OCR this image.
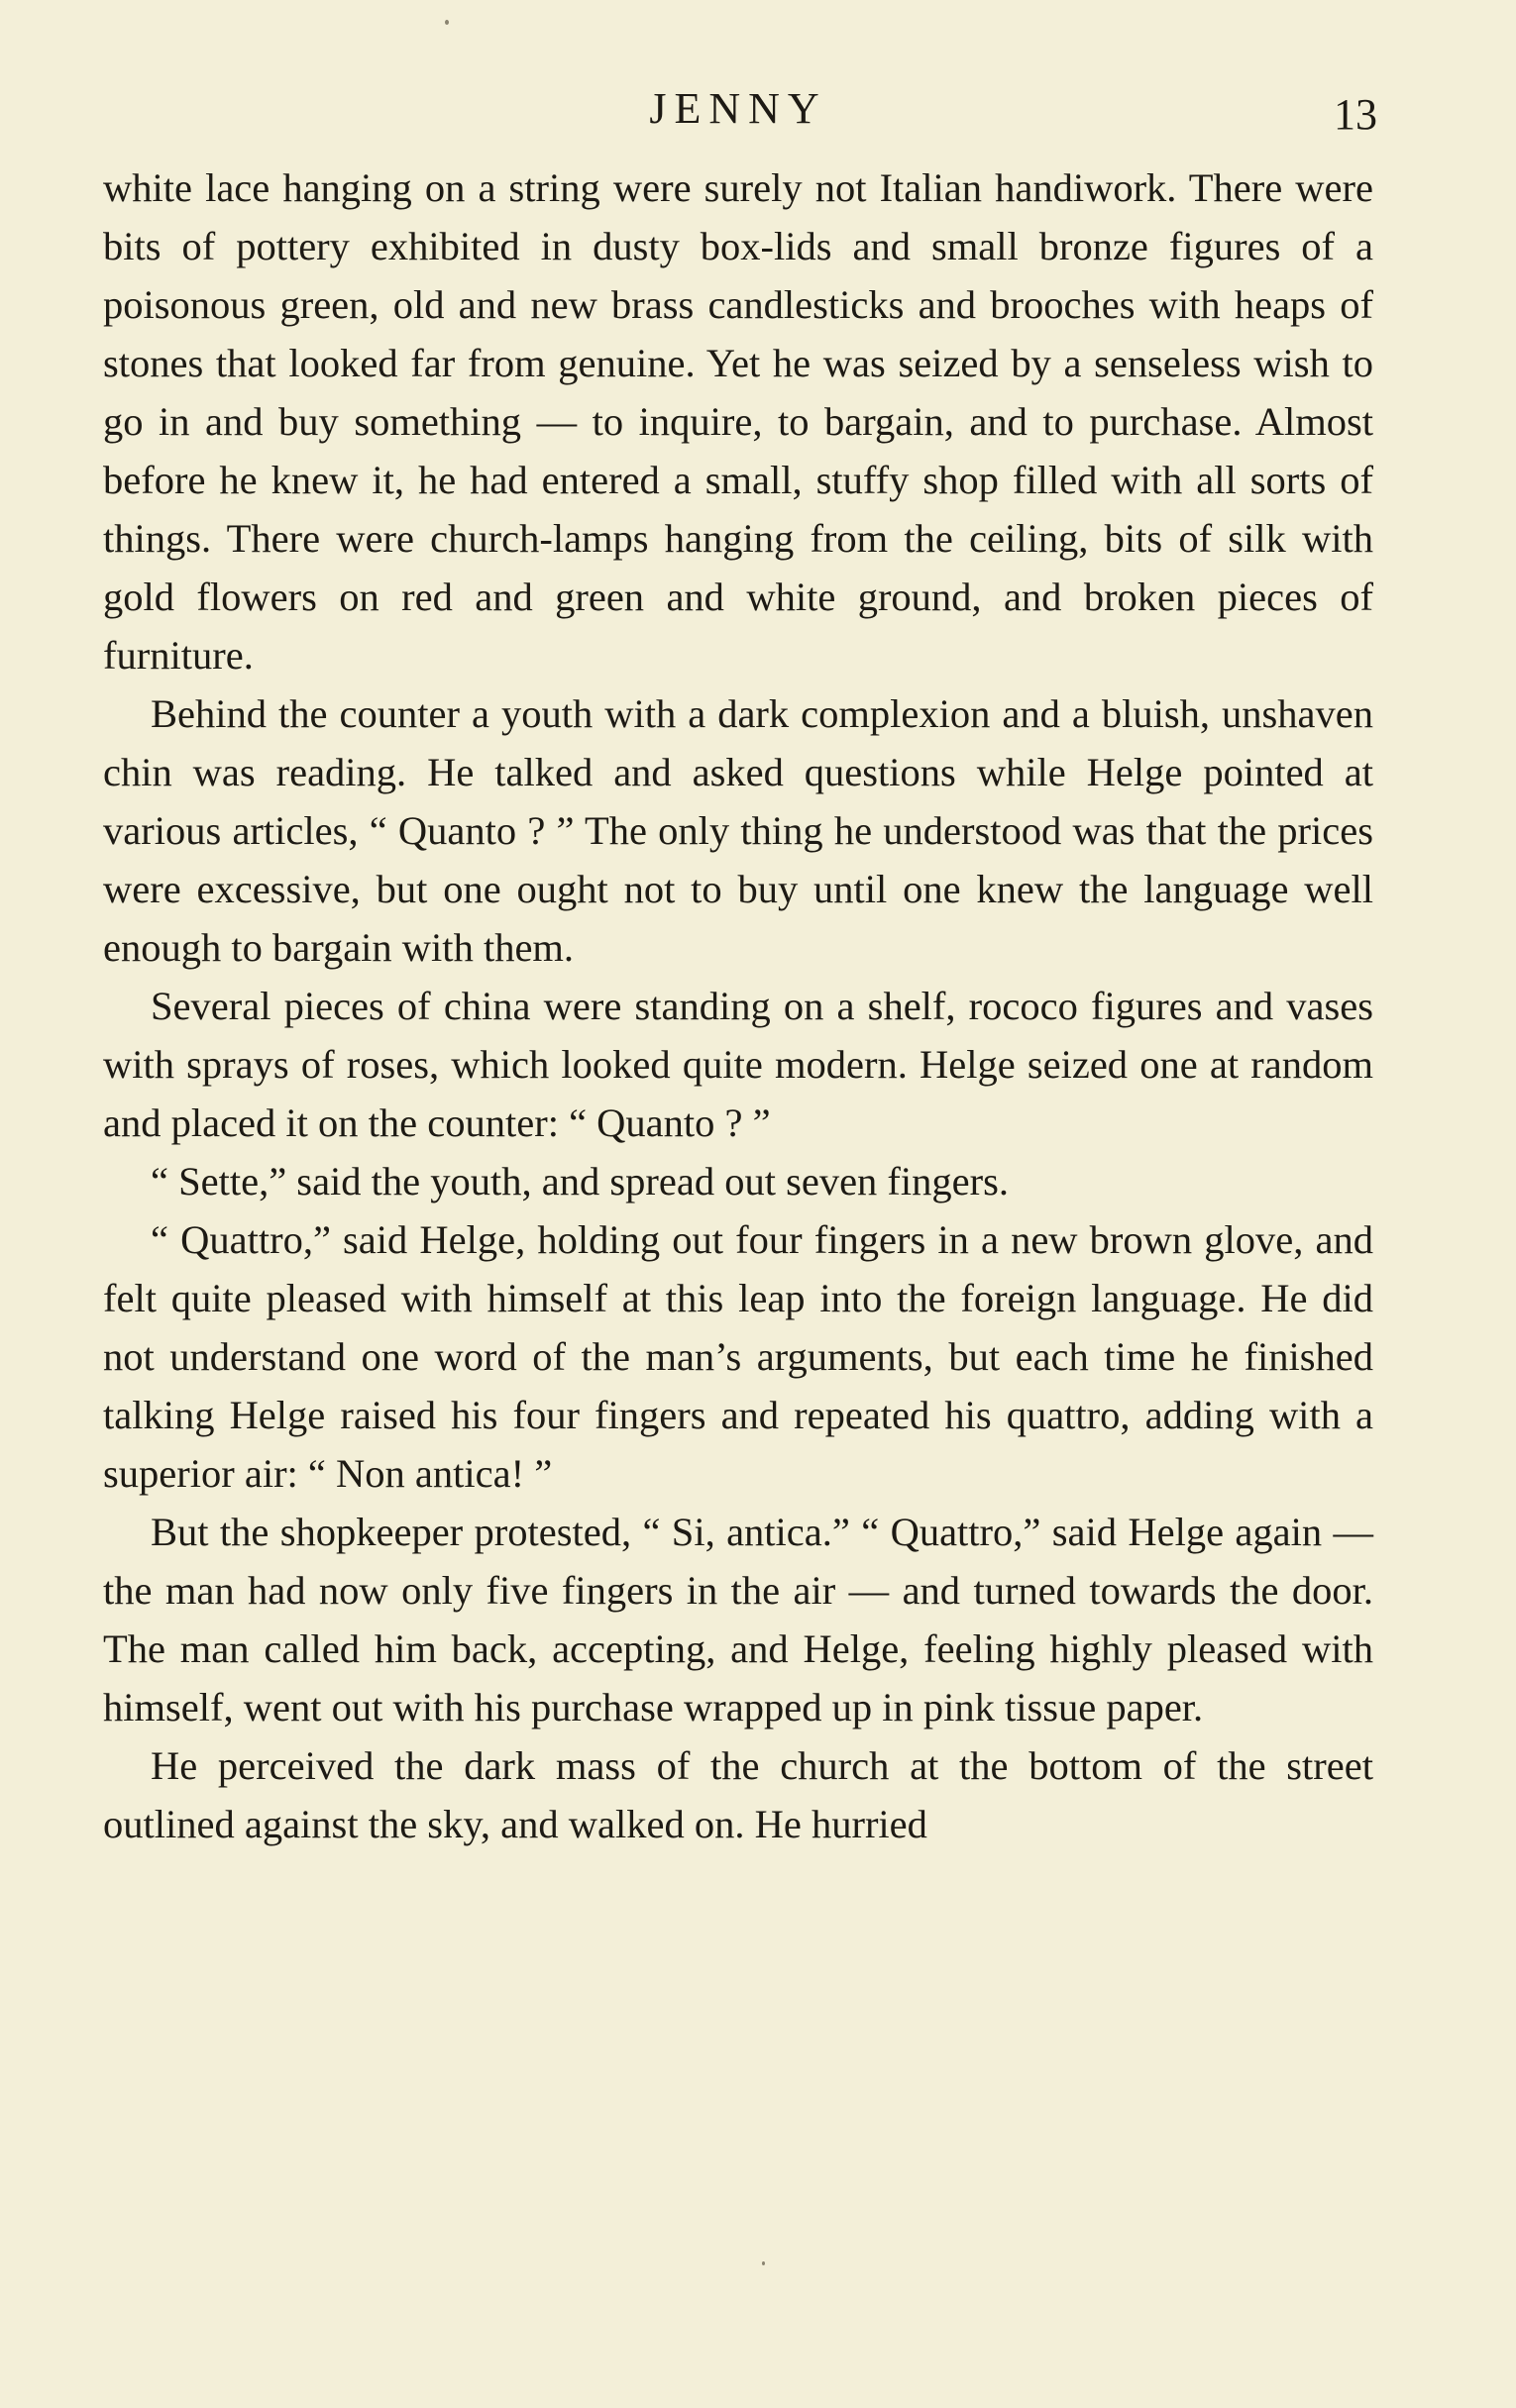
JENNY	13

white lace hanging on a string were surely not Italian handiwork. There were bits of pottery exhibited in dusty box-lids and small bronze figures of a poisonous green, old and new brass candlesticks and brooches with heaps of stones that looked far from genuine. Yet he was seized by a senseless wish to go in and buy something — to inquire, to bargain, and to purchase. Almost before he knew it, he had entered a small, stuffy shop filled with all sorts of things. There were church-lamps hanging from the ceiling, bits of silk with gold flowers on red and green and white ground, and broken pieces of furniture.

Behind the counter a youth with a dark complexion and a bluish, unshaven chin was reading. He talked and asked questions while Helge pointed at various articles, “ Quanto ? ” The only thing he understood was that the prices were excessive, but one ought not to buy until one knew the language well enough to bargain with them.

Several pieces of china were standing on a shelf, rococo figures and vases with sprays of roses, which looked quite modern. Helge seized one at random and placed it on the counter: “ Quanto ? ”

“ Sette,” said the youth, and spread out seven fingers.

“ Quattro,” said Helge, holding out four fingers in a new brown glove, and felt quite pleased with himself at this leap into the foreign language. He did not understand one word of the man’s arguments, but each time he finished talking Helge raised his four fingers and repeated his quattro, adding with a superior air: “ Non antica! ”

But the shopkeeper protested, “ Si, antica.” “ Quattro,” said Helge again — the man had now only five fingers in the air — and turned towards the door. The man called him back, accepting, and Helge, feeling highly pleased with himself, went out with his purchase wrapped up in pink tissue paper.

He perceived the dark mass of the church at the bottom of the street outlined against the sky, and walked on. He hurried
